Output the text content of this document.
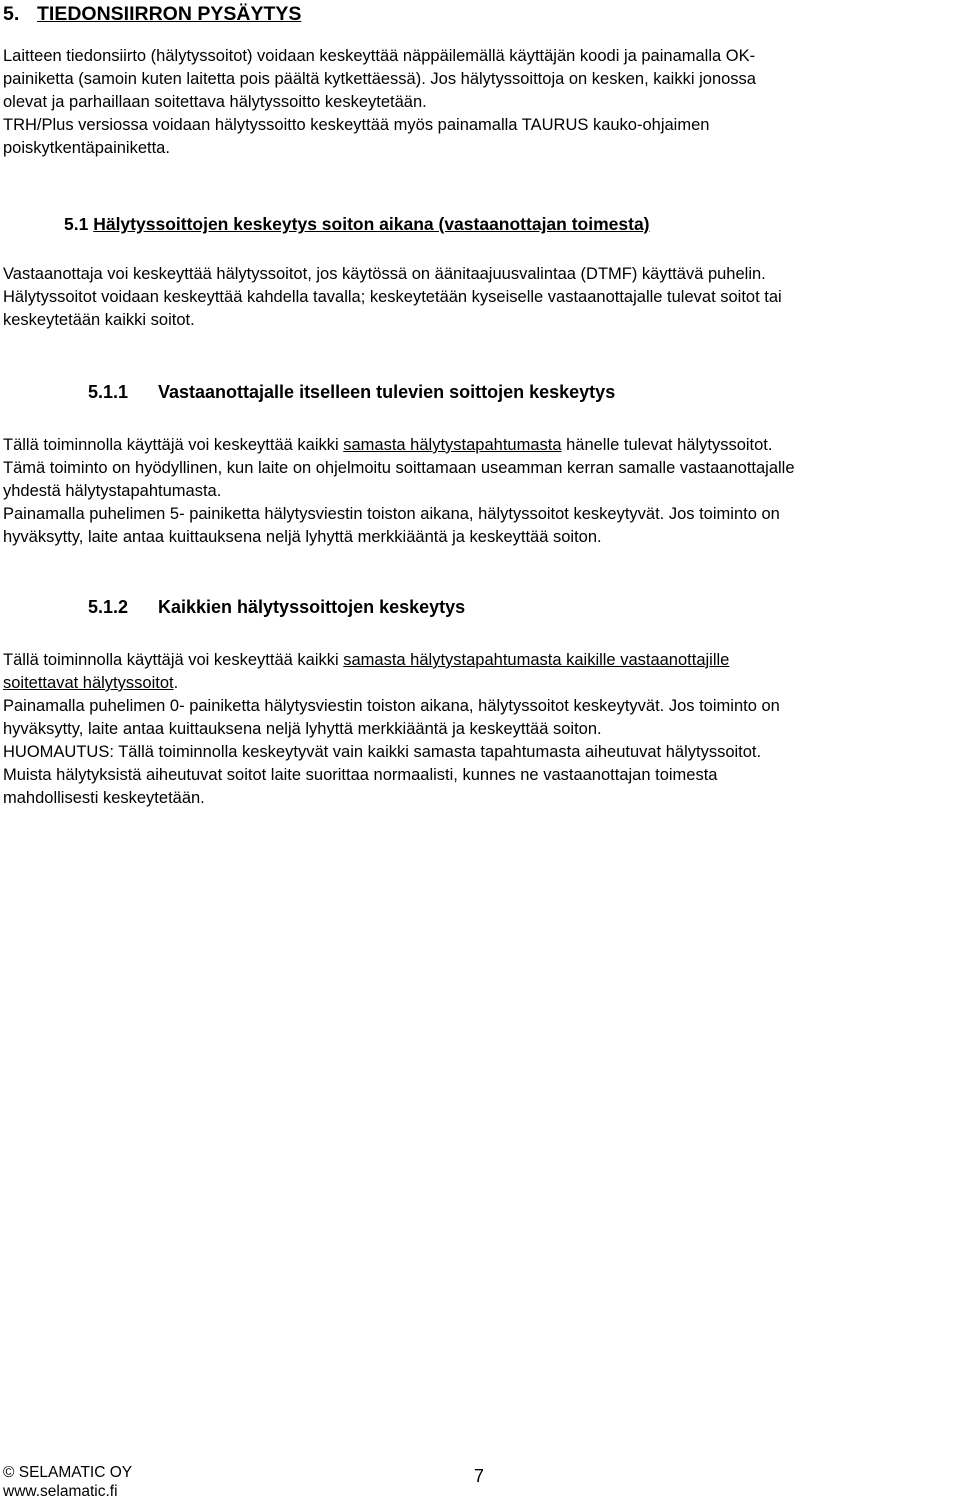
5. TIEDONSIIRRON PYSÄYTYS

Laitteen tiedonsiirto (hälytyssoitot) voidaan keskeyttää näppäilemällä käyttäjän koodi ja painamalla OK-
painiketta (samoin kuten laitetta pois päältä kytkettäessä). Jos hälytyssoittoja on kesken, kaikki jonossa
olevat ja parhaillaan soitettava hälytyssoitto keskeytetään.
TRH/Plus versiossa voidaan hälytyssoitto keskeyttää myös painamalla TAURUS kauko-ohjaimen
poiskytkentäpainiketta.

5.1 Hälytyssoittojen keskeytys soiton aikana (vastaanottajan toimesta)

Vastaanottaja voi keskeyttää hälytyssoitot, jos käytössä on äänitaajuusvalintaa (DTMF) käyttävä puhelin.
Hälytyssoitot voidaan keskeyttää kahdella tavalla; keskeytetään kyseiselle vastaanottajalle tulevat soitot tai
keskeytetään kaikki soitot.

5.1.1 Vastaanottajalle itselleen tulevien soittojen keskeytys

Tällä toiminnolla käyttäjä voi keskeyttää kaikki samasta hälytystapahtumasta hänelle tulevat hälytyssoitot.
Tämä toiminto on hyödyllinen, kun laite on ohjelmoitu soittamaan useamman kerran samalle vastaanottajalle
yhdestä hälytystapahtumasta.
Painamalla puhelimen 5- painiketta hälytysviestin toiston aikana, hälytyssoitot keskeytyvät. Jos toiminto on
hyväksytty, laite antaa kuittauksena neljä lyhyttä merkkiääntä ja keskeyttää soiton.

5.1.2 Kaikkien hälytyssoittojen keskeytys

Tällä toiminnolla käyttäjä voi keskeyttää kaikki samasta hälytystapahtumasta kaikille vastaanottajille
soitettavat hälytyssoitot.
Painamalla puhelimen 0- painiketta hälytysviestin toiston aikana, hälytyssoitot keskeytyvät. Jos toiminto on
hyväksytty, laite antaa kuittauksena neljä lyhyttä merkkiääntä ja keskeyttää soiton.
HUOMAUTUS: Tällä toiminnolla keskeytyvät vain kaikki samasta tapahtumasta aiheutuvat hälytyssoitot.
Muista hälytyksistä aiheutuvat soitot laite suorittaa normaalisti, kunnes ne vastaanottajan toimesta
mahdollisesti keskeytetään.

© SELAMATIC OY
www.selamatic.fi
7
